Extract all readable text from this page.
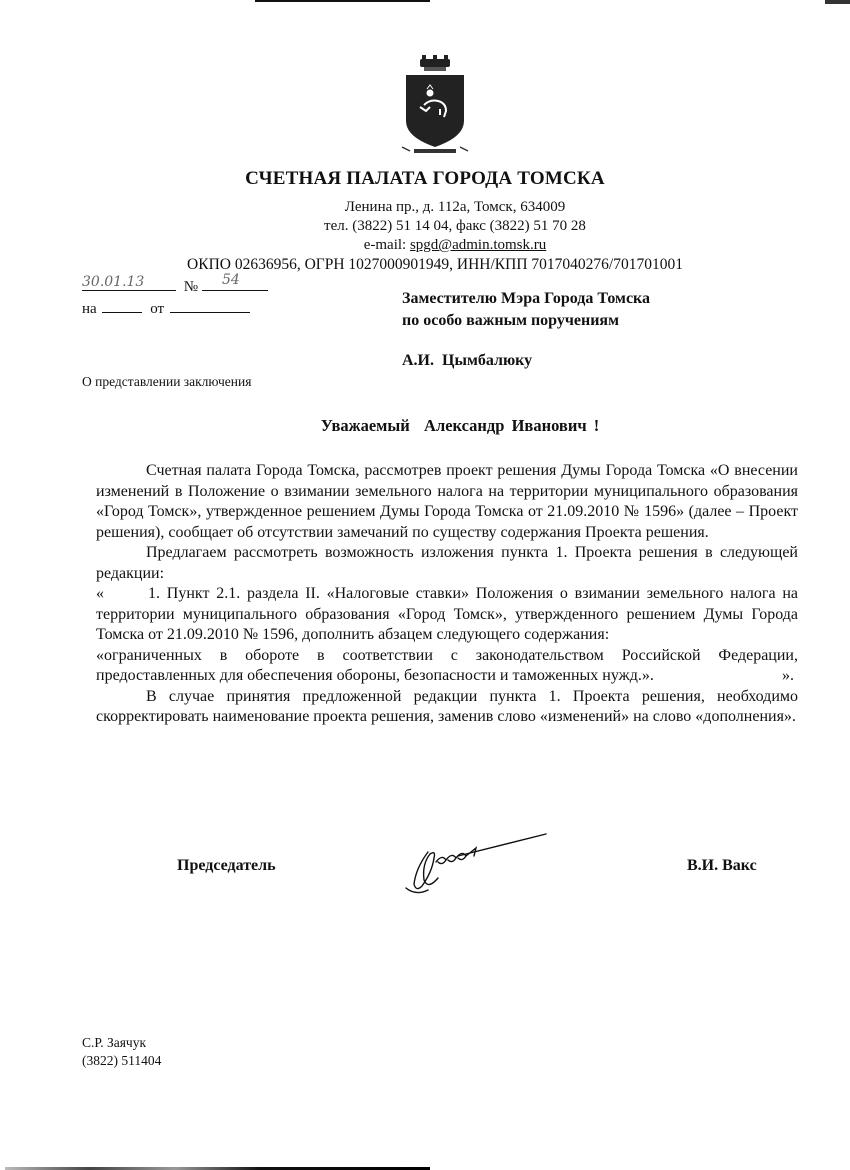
СЧЕТНАЯ ПАЛАТА ГОРОДА ТОМСКА
Ленина пр., д. 112а, Томск, 634009
тел. (3822) 51 14 04, факс (3822) 51 70 28
e-mail: spgd@admin.tomsk.ru
ОКПО 02636956, ОГРН 1027000901949, ИНН/КПП 7017040276/701701001
30.01.13	№ 54
на	от
Заместителю Мэра Города Томска
по особо важным поручениям
А.И.  Цымбалюку
О представлении заключения
Уважаемый  Александр Иванович !

Счетная палата Города Томска, рассмотрев проект решения Думы Города Томска «О внесении изменений в Положение о взимании земельного налога на территории муниципального образования «Город Томск», утвержденное решением Думы Города Томска от 21.09.2010 № 1596» (далее – Проект решения), сообщает об отсутствии замечаний по существу содержания Проекта решения.

Предлагаем рассмотреть возможность изложения пункта 1. Проекта решения в следующей редакции:

«	1. Пункт 2.1. раздела II. «Налоговые ставки» Положения о взимании земельного налога на территории муниципального образования «Город Томск», утвержденного решением Думы Города Томска от 21.09.2010 № 1596, дополнить абзацем следующего содержания:

«ограниченных в обороте в соответствии с законодательством Российской Федерации,

предоставленных для обеспечения обороны, безопасности и таможенных нужд.».	».

В случае принятия предложенной редакции пункта 1. Проекта решения, необходимо скорректировать наименование проекта решения, заменив слово «изменений» на слово «дополнения».

Председатель	В.И. Вакс
С.Р. Заячук
(3822) 511404
